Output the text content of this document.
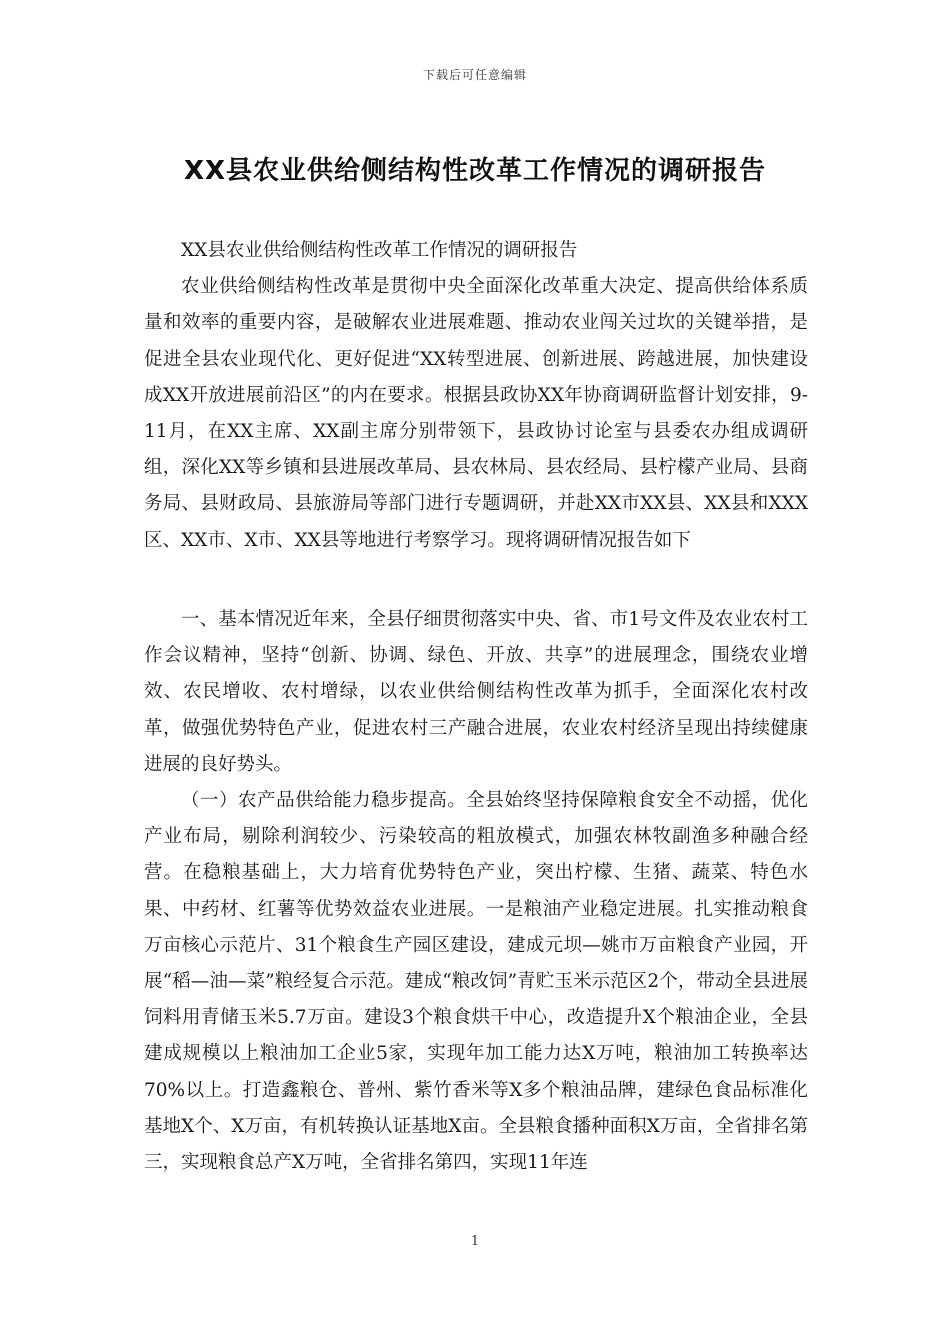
下载后可任意编辑
XX县农业供给侧结构性改革工作情况的调研报告

XX县农业供给侧结构性改革工作情况的调研报告

农业供给侧结构性改革是贯彻中央全面深化改革重大决定、提高供给体系质量和效率的重要内容，是破解农业进展难题、推动农业闯关过坎的关键举措，是促进全县农业现代化、更好促进“XX转型进展、创新进展、跨越进展，加快建设成XX开放进展前沿区”的内在要求。根据县政协XX年协商调研监督计划安排，9-11月，在XX主席、XX副主席分别带领下，县政协讨论室与县委农办组成调研组，深化XX等乡镇和县进展改革局、县农林局、县农经局、县柠檬产业局、县商务局、县财政局、县旅游局等部门进行专题调研，并赴XX市XX县、XX县和XXX区、XX市、X市、XX县等地进行考察学习。现将调研情况报告如下

一、基本情况近年来，全县仔细贯彻落实中央、省、市1号文件及农业农村工作会议精神，坚持“创新、协调、绿色、开放、共享”的进展理念，围绕农业增效、农民增收、农村增绿，以农业供给侧结构性改革为抓手，全面深化农村改革，做强优势特色产业，促进农村三产融合进展，农业农村经济呈现出持续健康进展的良好势头。

（一）农产品供给能力稳步提高。全县始终坚持保障粮食安全不动摇，优化产业布局，剔除利润较少、污染较高的粗放模式，加强农林牧副渔多种融合经营。在稳粮基础上，大力培育优势特色产业，突出柠檬、生猪、蔬菜、特色水果、中药材、红薯等优势效益农业进展。一是粮油产业稳定进展。扎实推动粮食万亩核心示范片、31个粮食生产园区建设，建成元坝—姚市万亩粮食产业园，开展“稻—油—菜”粮经复合示范。建成“粮改饲”青贮玉米示范区2个，带动全县进展饲料用青储玉米5.7万亩。建设3个粮食烘干中心，改造提升X个粮油企业，全县建成规模以上粮油加工企业5家，实现年加工能力达X万吨，粮油加工转换率达70%以上。打造鑫粮仓、普州、紫竹香米等X多个粮油品牌，建绿色食品标准化基地X个、X万亩，有机转换认证基地X亩。全县粮食播种面积X万亩，全省排名第三，实现粮食总产X万吨，全省排名第四，实现11年连

1
